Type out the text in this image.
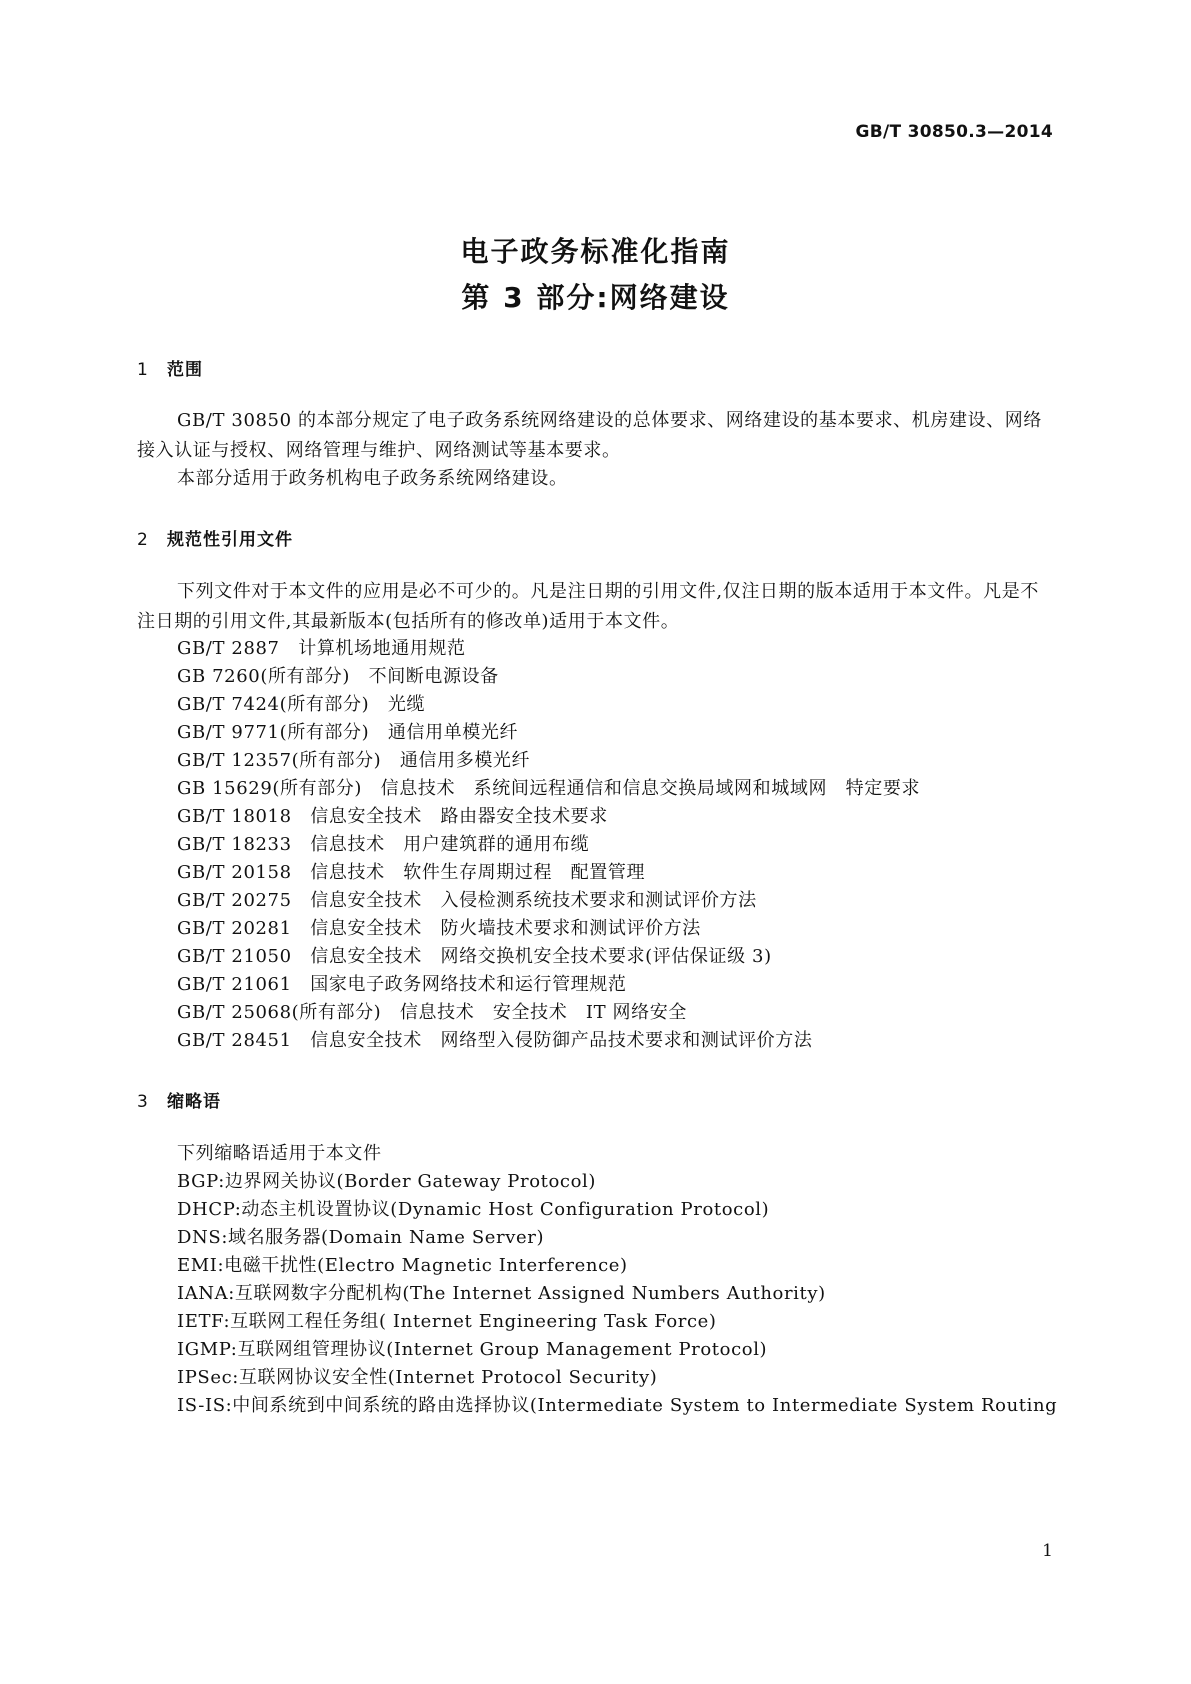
GB/T 30850.3—2014
电子政务标准化指南
第 3 部分:网络建设
1 范围

GB/T 30850 的本部分规定了电子政务系统网络建设的总体要求、网络建设的基本要求、机房建设、网络接入认证与授权、网络管理与维护、网络测试等基本要求。

本部分适用于政务机构电子政务系统网络建设。

2 规范性引用文件

下列文件对于本文件的应用是必不可少的。凡是注日期的引用文件,仅注日期的版本适用于本文件。凡是不注日期的引用文件,其最新版本(包括所有的修改单)适用于本文件。

GB/T 2887　 计算机场地通用规范

GB 7260(所有部分)　 不间断电源设备

GB/T 7424(所有部分)　 光缆

GB/T 9771(所有部分)　 通信用单模光纤

GB/T 12357(所有部分)　 通信用多模光纤

GB 15629(所有部分)　 信息技术　系统间远程通信和信息交换局域网和城域网　特定要求

GB/T 18018　 信息安全技术　路由器安全技术要求

GB/T 18233　 信息技术　用户建筑群的通用布缆

GB/T 20158　 信息技术　软件生存周期过程　配置管理

GB/T 20275　 信息安全技术　入侵检测系统技术要求和测试评价方法

GB/T 20281　 信息安全技术　防火墙技术要求和测试评价方法

GB/T 21050　 信息安全技术　网络交换机安全技术要求(评估保证级 3)

GB/T 21061　 国家电子政务网络技术和运行管理规范

GB/T 25068(所有部分)　 信息技术　安全技术　IT 网络安全

GB/T 28451　 信息安全技术　网络型入侵防御产品技术要求和测试评价方法

3 缩略语

下列缩略语适用于本文件

BGP:边界网关协议(Border Gateway Protocol)

DHCP:动态主机设置协议(Dynamic Host Configuration Protocol)

DNS:域名服务器(Domain Name Server)

EMI:电磁干扰性(Electro Magnetic Interference)

IANA:互联网数字分配机构(The Internet Assigned Numbers Authority)

IETF:互联网工程任务组( Internet Engineering Task Force)

IGMP:互联网组管理协议(Internet Group Management Protocol)

IPSec:互联网协议安全性(Internet Protocol Security)

IS-IS:中间系统到中间系统的路由选择协议(Intermediate System to Intermediate System Routing

1
